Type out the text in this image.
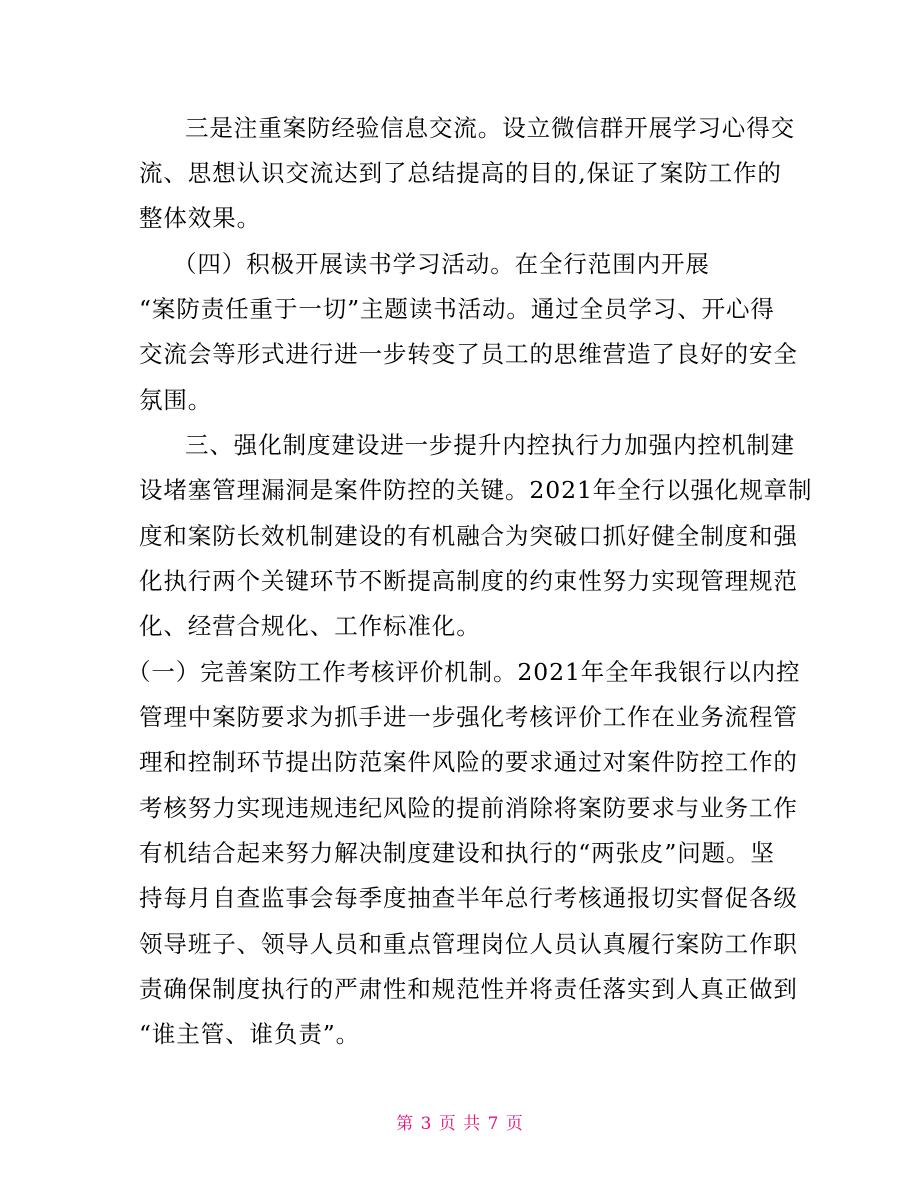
三是注重案防经验信息交流。设立微信群开展学习心得交
流、思想认识交流达到了总结提高的目的,保证了案防工作的
整体效果。
（四）积极开展读书学习活动。在全行范围内开展
“案防责任重于一切”主题读书活动。通过全员学习、开心得
交流会等形式进行进一步转变了员工的思维营造了良好的安全
氛围。
三、强化制度建设进一步提升内控执行力加强内控机制建
设堵塞管理漏洞是案件防控的关键。2021年全行以强化规章制
度和案防长效机制建设的有机融合为突破口抓好健全制度和强
化执行两个关键环节不断提高制度的约束性努力实现管理规范
化、经营合规化、工作标准化。
（一）完善案防工作考核评价机制。2021年全年我银行以内控
管理中案防要求为抓手进一步强化考核评价工作在业务流程管
理和控制环节提出防范案件风险的要求通过对案件防控工作的
考核努力实现违规违纪风险的提前消除将案防要求与业务工作
有机结合起来努力解决制度建设和执行的“两张皮”问题。坚
持每月自查监事会每季度抽查半年总行考核通报切实督促各级
领导班子、领导人员和重点管理岗位人员认真履行案防工作职
责确保制度执行的严肃性和规范性并将责任落实到人真正做到
“谁主管、谁负责”。
第 3 页 共 7 页
